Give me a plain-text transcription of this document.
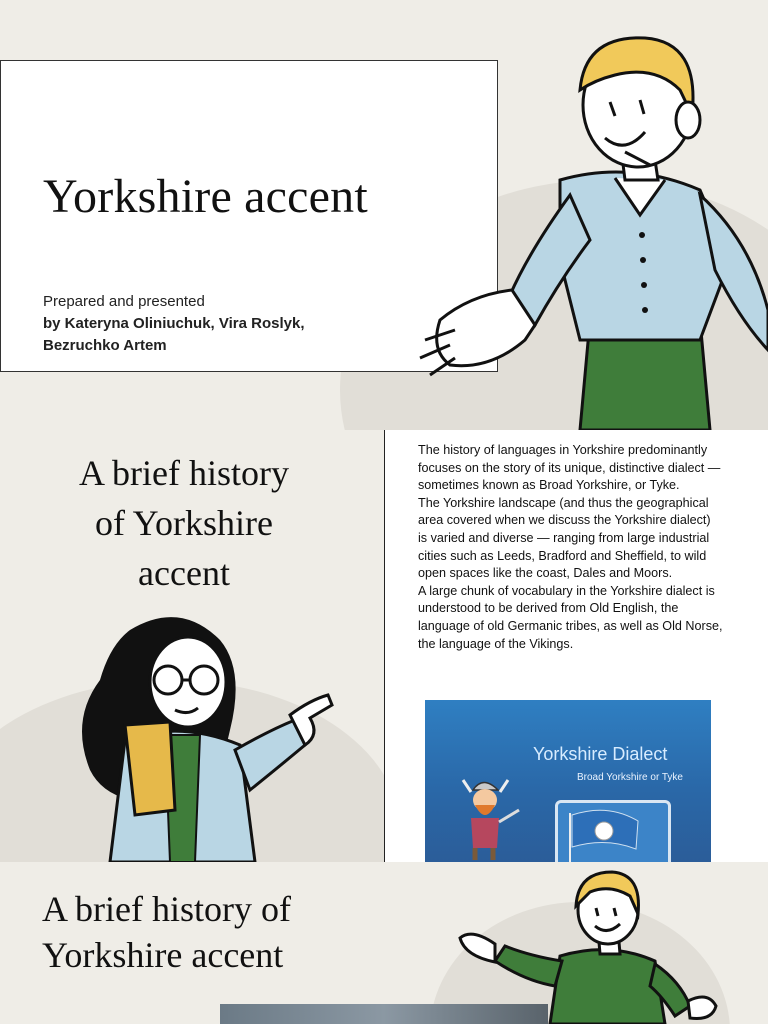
Yorkshire accent
Prepared and presented
by Kateryna Oliniuchuk, Vira Roslyk,
Bezruchko Artem
A brief history
of Yorkshire
accent

The history of languages in Yorkshire predominantly focuses on the story of its unique, distinctive dialect — sometimes known as Broad Yorkshire, or Tyke.

The Yorkshire landscape (and thus the geographical area covered when we discuss the Yorkshire dialect) is varied and diverse — ranging from large industrial cities such as Leeds, Bradford and Sheffield, to wild open spaces like the coast, Dales and Moors.

A large chunk of vocabulary in the Yorkshire dialect is understood to be derived from Old English, the language of old Germanic tribes, as well as Old Norse, the language of the Vikings.

Yorkshire Dialect
Broad Yorkshire or Tyke
A brief history of
Yorkshire accent
